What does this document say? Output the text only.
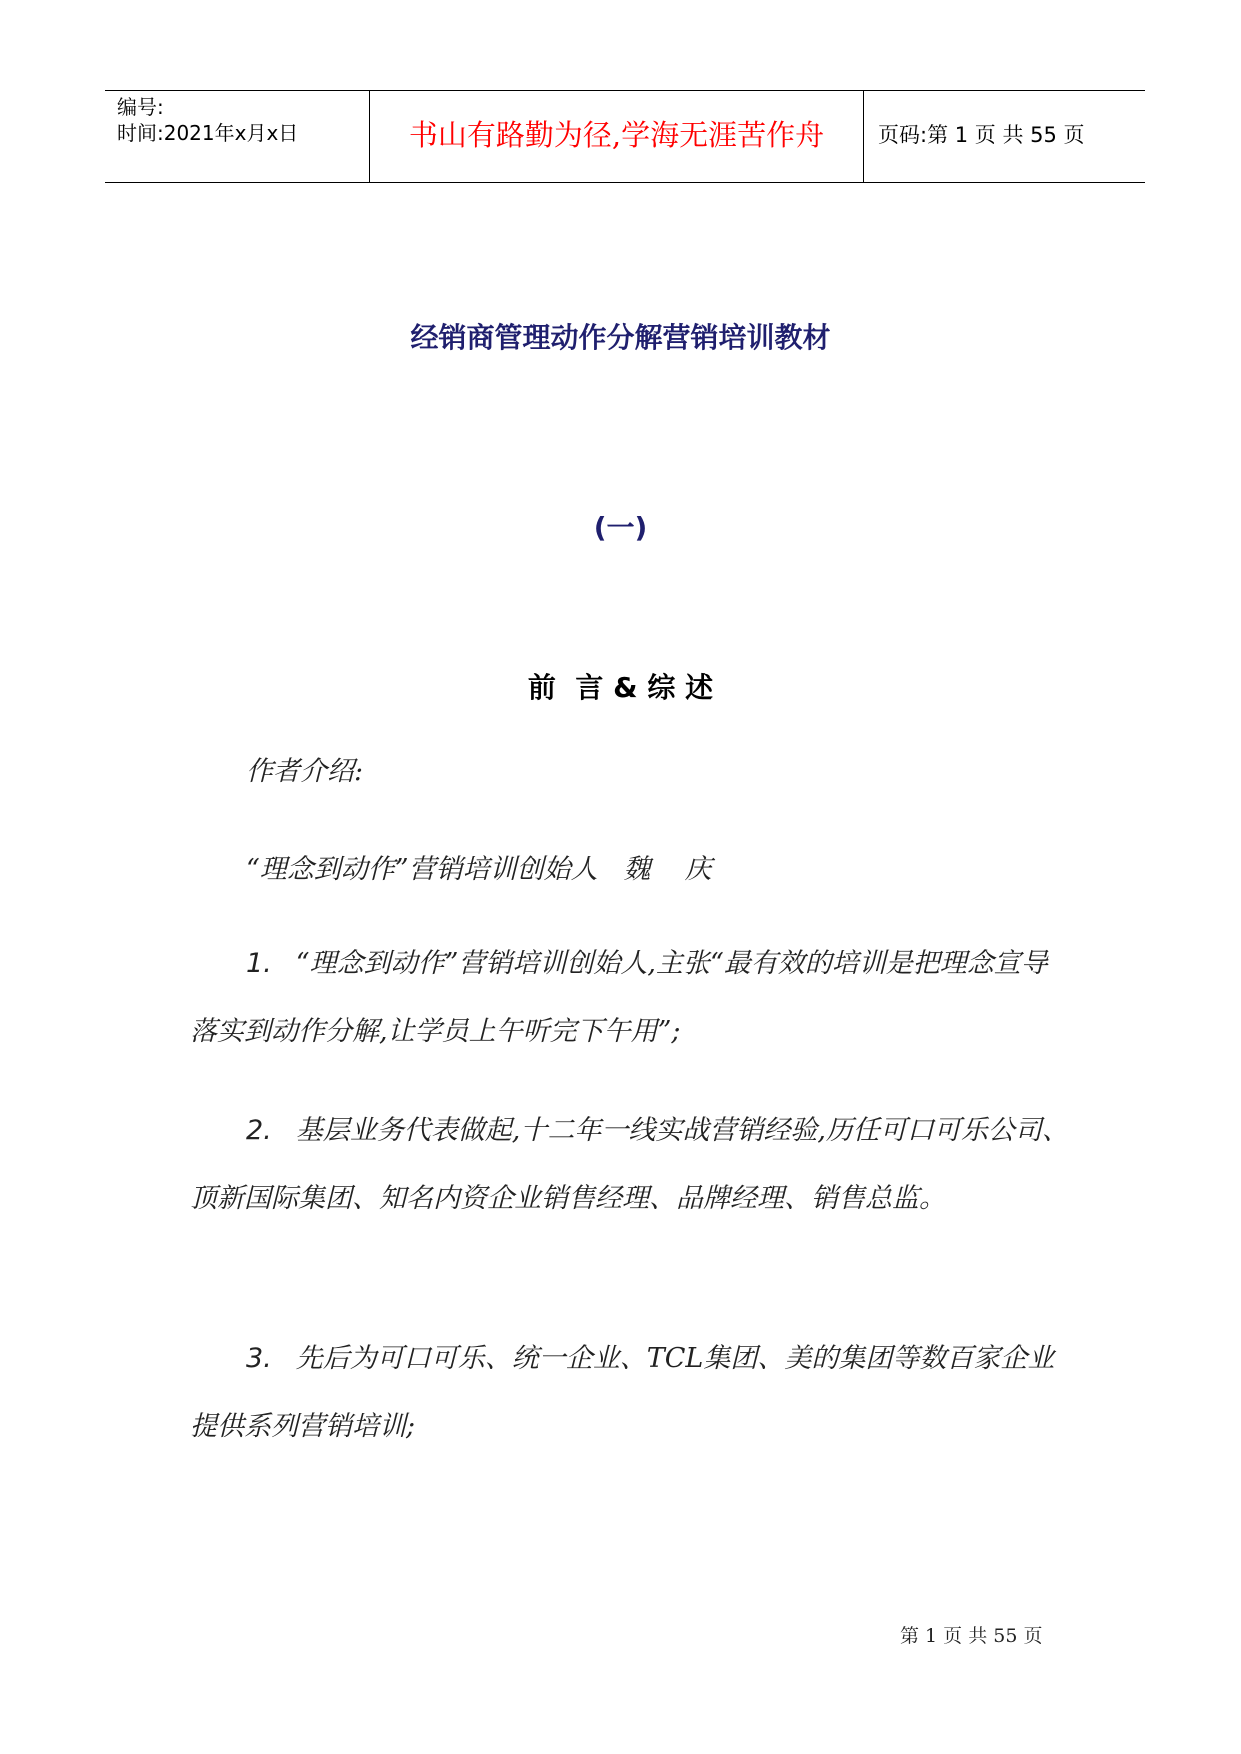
编号:
时间:2021年x月x日	书山有路勤为径,学海无涯苦作舟	页码:第 1 页 共 55 页
经销商管理动作分解营销培训教材
(一)
前  言 & 综 述
作者介绍:
“理念到动作”营销培训创始人   魏    庆
1. “理念到动作”营销培训创始人,主张“最有效的培训是把理念宣导落实到动作分解,让学员上午听完下午用”;
2. 基层业务代表做起,十二年一线实战营销经验,历任可口可乐公司、顶新国际集团、知名内资企业销售经理、品牌经理、销售总监。
3. 先后为可口可乐、统一企业、TCL集团、美的集团等数百家企业提供系列营销培训;
第 1 页 共 55 页
